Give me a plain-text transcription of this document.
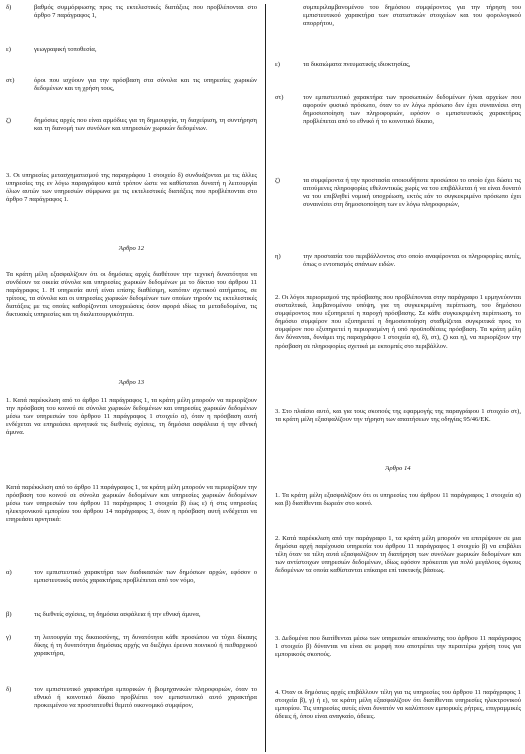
δ)	βαθμός συμμόρφωσης προς τις εκτελεστικές διατάξεις που προβλέπονται στο άρθρο 7 παράγραφος 1,
ε)	γεωγραφική τοποθεσία,
στ)	όροι που ισχύουν για την πρόσβαση στα σύνολα και τις υπηρεσίες χωρικών δεδομένων και τη χρήση τους,
ζ)	δημόσιες αρχές που είναι αρμόδιες για τη δημιουργία, τη διαχείριση, τη συντήρηση και τη διανομή των συνόλων και υπηρεσιών χωρικών δεδομένων.
3. Οι υπηρεσίες μετασχηματισμού της παραγράφου 1 στοιχείο δ) συνδυάζονται με τις άλλες υπηρεσίες της εν λόγω παραγράφου κατά τρόπον ώστε να καθίσταται δυνατή η λειτουργία όλων αυτών των υπηρεσιών σύμφωνα με τις εκτελεστικές διατάξεις που προβλέπονται στο άρθρο 7 παράγραφος 1.
Άρθρο 12
Τα κράτη μέλη εξασφαλίζουν ότι οι δημόσιες αρχές διαθέτουν την τεχνική δυνατότητα να συνδέουν τα οικεία σύνολα και υπηρεσίες χωρικών δεδομένων με το δίκτυο του άρθρου 11 παράγραφος 1. Η υπηρεσία αυτή είναι επίσης διαθέσιμη, κατόπιν σχετικού αιτήματος, σε τρίτους, τα σύνολα και οι υπηρεσίες χωρικών δεδομένων των οποίων τηρούν τις εκτελεστικές διατάξεις με τις οποίες καθορίζονται υποχρεώσεις όσον αφορά ιδίως τα μεταδεδομένα, τις δικτυακές υπηρεσίες και τη διαλειτουργικότητα.
Άρθρο 13
1. Κατά παρέκκλιση από το άρθρο 11 παράγραφος 1, τα κράτη μέλη μπορούν να περιορίζουν την πρόσβαση του κοινού σε σύνολα χωρικών δεδομένων και υπηρεσίες χωρικών δεδομένων μέσω των υπηρεσιών του άρθρου 11 παράγραφος 1 στοιχείο α), όταν η πρόσβαση αυτή ενδέχεται να επηρεάσει αρνητικά τις διεθνείς σχέσεις, τη δημόσια ασφάλεια ή την εθνική άμυνα.
Κατά παρέκκλιση από το άρθρο 11 παράγραφος 1, τα κράτη μέλη μπορούν να περιορίζουν την πρόσβαση του κοινού σε σύνολα χωρικών δεδομένων και υπηρεσίες χωρικών δεδομένων μέσω των υπηρεσιών του άρθρου 11 παράγραφος 1 στοιχεία β) έως ε) ή στις υπηρεσίες ηλεκτρονικού εμπορίου του άρθρου 14 παράγραφος 3, όταν η πρόσβαση αυτή ενδέχεται να επηρεάσει αρνητικά:
α)	τον εμπιστευτικό χαρακτήρα των διαδικασιών των δημόσιων αρχών, εφόσον ο εμπιστευτικός αυτός χαρακτήρας προβλέπεται από τον νόμο,
β)	τις διεθνείς σχέσεις, τη δημόσια ασφάλεια ή την εθνική άμυνα,
γ)	τη λειτουργία της δικαιοσύνης, τη δυνατότητα κάθε προσώπου να τύχει δίκαιης δίκης ή τη δυνατότητα δημόσιας αρχής να διεξάγει έρευνα ποινικού ή πειθαρχικού χαρακτήρα,
δ)	τον εμπιστευτικό χαρακτήρα εμπορικών ή βιομηχανικών πληροφοριών, όταν το εθνικό ή κοινοτικό δίκαιο προβλέπει τον εμπιστευτικό αυτό χαρακτήρα προκειμένου να προστατευθεί θεμιτό οικονομικό συμφέρον,
συμπεριλαμβανομένου του δημόσιου συμφέροντος για την τήρηση του εμπιστευτικού χαρακτήρα των στατιστικών στοιχείων και του φορολογικού απορρήτου,
ε)	τα δικαιώματα πνευματικής ιδιοκτησίας,
στ)	τον εμπιστευτικό χαρακτήρα των προσωπικών δεδομένων ή/και αρχείων που αφορούν φυσικό πρόσωπο, όταν το εν λόγω πρόσωπο δεν έχει συναινέσει στη δημοσιοποίηση των πληροφοριών, εφόσον ο εμπιστευτικός χαρακτήρας προβλέπεται από το εθνικό ή το κοινοτικό δίκαιο,
ζ)	τα συμφέροντα ή την προστασία οποιουδήποτε προσώπου το οποίο έχει δώσει τις αιτούμενες πληροφορίες εθελοντικώς χωρίς να του επιβάλλεται ή να είναι δυνατό να του επιβληθεί νομική υποχρέωση, εκτός εάν το συγκεκριμένο πρόσωπο έχει συναινέσει στη δημοσιοποίηση των εν λόγω πληροφοριών,
η)	την προστασία του περιβάλλοντος στο οποίο αναφέρονται οι πληροφορίες αυτές, όπως ο εντοπισμός σπάνιων ειδών.
2. Οι λόγοι περιορισμού της πρόσβασης που προβλέπονται στην παράγραφο 1 ερμηνεύονται συσταλτικά, λαμβανομένου υπόψη, για τη συγκεκριμένη περίπτωση, του δημόσιου συμφέροντος που εξυπηρετεί η παροχή πρόσβασης. Σε κάθε συγκεκριμένη περίπτωση, το δημόσιο συμφέρον που εξυπηρετεί η δημοσιοποίηση σταθμίζεται συγκριτικά προς το συμφέρον που εξυπηρετεί η περιορισμένη ή υπό προϋποθέσεις πρόσβαση. Τα κράτη μέλη δεν δύνανται, δυνάμει της παραγράφου 1 στοιχεία α), δ), στ), ζ) και η), να περιορίζουν την πρόσβαση σε πληροφορίες σχετικά με εκπομπές στο περιβάλλον.
3. Στο πλαίσιο αυτό, και για τους σκοπούς της εφαρμογής της παραγράφου 1 στοιχείο στ), τα κράτη μέλη εξασφαλίζουν την τήρηση των απαιτήσεων της οδηγίας 95/46/ΕΚ.
Άρθρο 14
1. Τα κράτη μέλη εξασφαλίζουν ότι οι υπηρεσίες του άρθρου 11 παράγραφος 1 στοιχεία α) και β) διατίθενται δωρεάν στο κοινό.
2. Κατά παρέκκλιση από την παράγραφο 1, τα κράτη μέλη μπορούν να επιτρέψουν σε μια δημόσια αρχή παρέχουσα υπηρεσία του άρθρου 11 παράγραφος 1 στοιχείο β) να επιβάλει τέλη όταν τα τέλη αυτά εξασφαλίζουν τη διατήρηση των συνόλων χωρικών δεδομένων και των αντίστοιχων υπηρεσιών δεδομένων, ιδίως εφόσον πρόκειται για πολύ μεγάλους όγκους δεδομένων τα οποία καθίστανται επίκαιρα επί τακτικής βάσεως.
3. Δεδομένα που διατίθενται μέσω των υπηρεσιών απεικόνισης του άρθρου 11 παράγραφος 1 στοιχείο β) δύνανται να είναι σε μορφή που αποτρέπει την περαιτέρω χρήση τους για εμπορικούς σκοπούς.
4. Όταν οι δημόσιες αρχές επιβάλλουν τέλη για τις υπηρεσίες του άρθρου 11 παράγραφος 1 στοιχεία β), γ) ή ε), τα κράτη μέλη εξασφαλίζουν ότι διατίθενται υπηρεσίες ηλεκτρονικού εμπορίου. Τις υπηρεσίες αυτές είναι δυνατόν να καλύπτουν εμπορικές ρήτρες, επιγραμμικές άδειες ή, όπου είναι αναγκαίο, άδειες.
